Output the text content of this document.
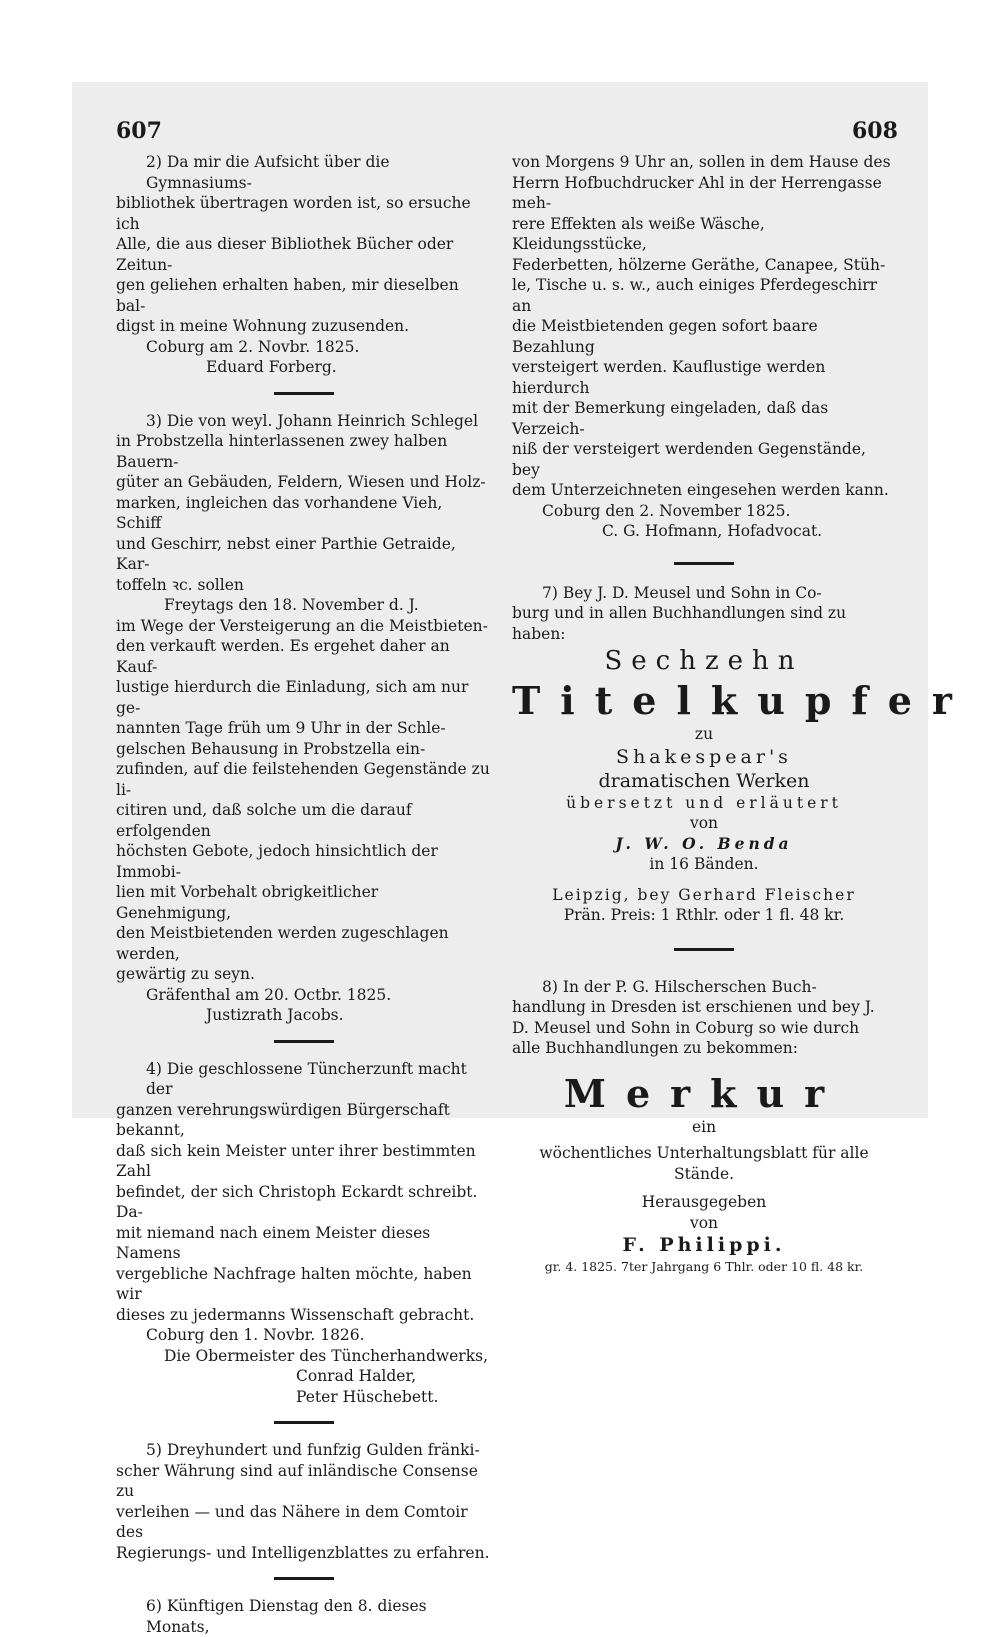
607	608

2) Da mir die Aufsicht über die Gymnasiums-

bibliothek übertragen worden ist, so ersuche ich

Alle, die aus dieser Bibliothek Bücher oder Zeitun-

gen geliehen erhalten haben, mir dieselben bal-

digst in meine Wohnung zuzusenden.

Coburg am 2. Novbr. 1825.

Eduard Forberg.

3) Die von weyl. Johann Heinrich Schlegel

in Probstzella hinterlassenen zwey halben Bauern-

güter an Gebäuden, Feldern, Wiesen und Holz-

marken, ingleichen das vorhandene Vieh, Schiff

und Geschirr, nebst einer Parthie Getraide, Kar-

toffeln ꝛc. sollen

Freytags den 18. November d. J.

im Wege der Versteigerung an die Meistbieten-

den verkauft werden. Es ergehet daher an Kauf-

lustige hierdurch die Einladung, sich am nur ge-

nannten Tage früh um 9 Uhr in der Schle-

gelschen Behausung in Probstzella ein-

zufinden, auf die feilstehenden Gegenstände zu li-

citiren und, daß solche um die darauf erfolgenden

höchsten Gebote, jedoch hinsichtlich der Immobi-

lien mit Vorbehalt obrigkeitlicher Genehmigung,

den Meistbietenden werden zugeschlagen werden,

gewärtig zu seyn.

Gräfenthal am 20. Octbr. 1825.

Justizrath Jacobs.

4) Die geschlossene Tüncherzunft macht der

ganzen verehrungswürdigen Bürgerschaft bekannt,

daß sich kein Meister unter ihrer bestimmten Zahl

befindet, der sich Christoph Eckardt schreibt. Da-

mit niemand nach einem Meister dieses Namens

vergebliche Nachfrage halten möchte, haben wir

dieses zu jedermanns Wissenschaft gebracht.

Coburg den 1. Novbr. 1826.

Die Obermeister des Tüncherhandwerks,

Conrad Halder,

Peter Hüschebett.

5) Dreyhundert und funfzig Gulden fränki-

scher Währung sind auf inländische Consense zu

verleihen — und das Nähere in dem Comtoir des

Regierungs- und Intelligenzblattes zu erfahren.

6) Künftigen Dienstag den 8. dieses Monats,

von Morgens 9 Uhr an, sollen in dem Hause des

Herrn Hofbuchdrucker Ahl in der Herrengasse meh-

rere Effekten als weiße Wäsche, Kleidungsstücke,

Federbetten, hölzerne Geräthe, Canapee, Stüh-

le, Tische u. s. w., auch einiges Pferdegeschirr an

die Meistbietenden gegen sofort baare Bezahlung

versteigert werden. Kauflustige werden hierdurch

mit der Bemerkung eingeladen, daß das Verzeich-

niß der versteigert werdenden Gegenstände, bey

dem Unterzeichneten eingesehen werden kann.

Coburg den 2. November 1825.

C. G. Hofmann, Hofadvocat.

7) Bey J. D. Meusel und Sohn in Co-

burg und in allen Buchhandlungen sind zu

haben:

Sechzehn

Titelkupfer

zu

Shakespear's

dramatischen Werken

übersetzt und erläutert

von

J. W. O. Benda

in 16 Bänden.

Leipzig, bey Gerhard Fleischer

Prän. Preis: 1 Rthlr. oder 1 fl. 48 kr.

8) In der P. G. Hilscherschen Buch-

handlung in Dresden ist erschienen und bey J.

D. Meusel und Sohn in Coburg so wie durch

alle Buchhandlungen zu bekommen:

Merkur

ein

wöchentliches Unterhaltungsblatt für alle Stände.

Herausgegeben

von

F. Philippi.

gr. 4. 1825. 7ter Jahrgang 6 Thlr. oder 10 fl. 48 kr.
